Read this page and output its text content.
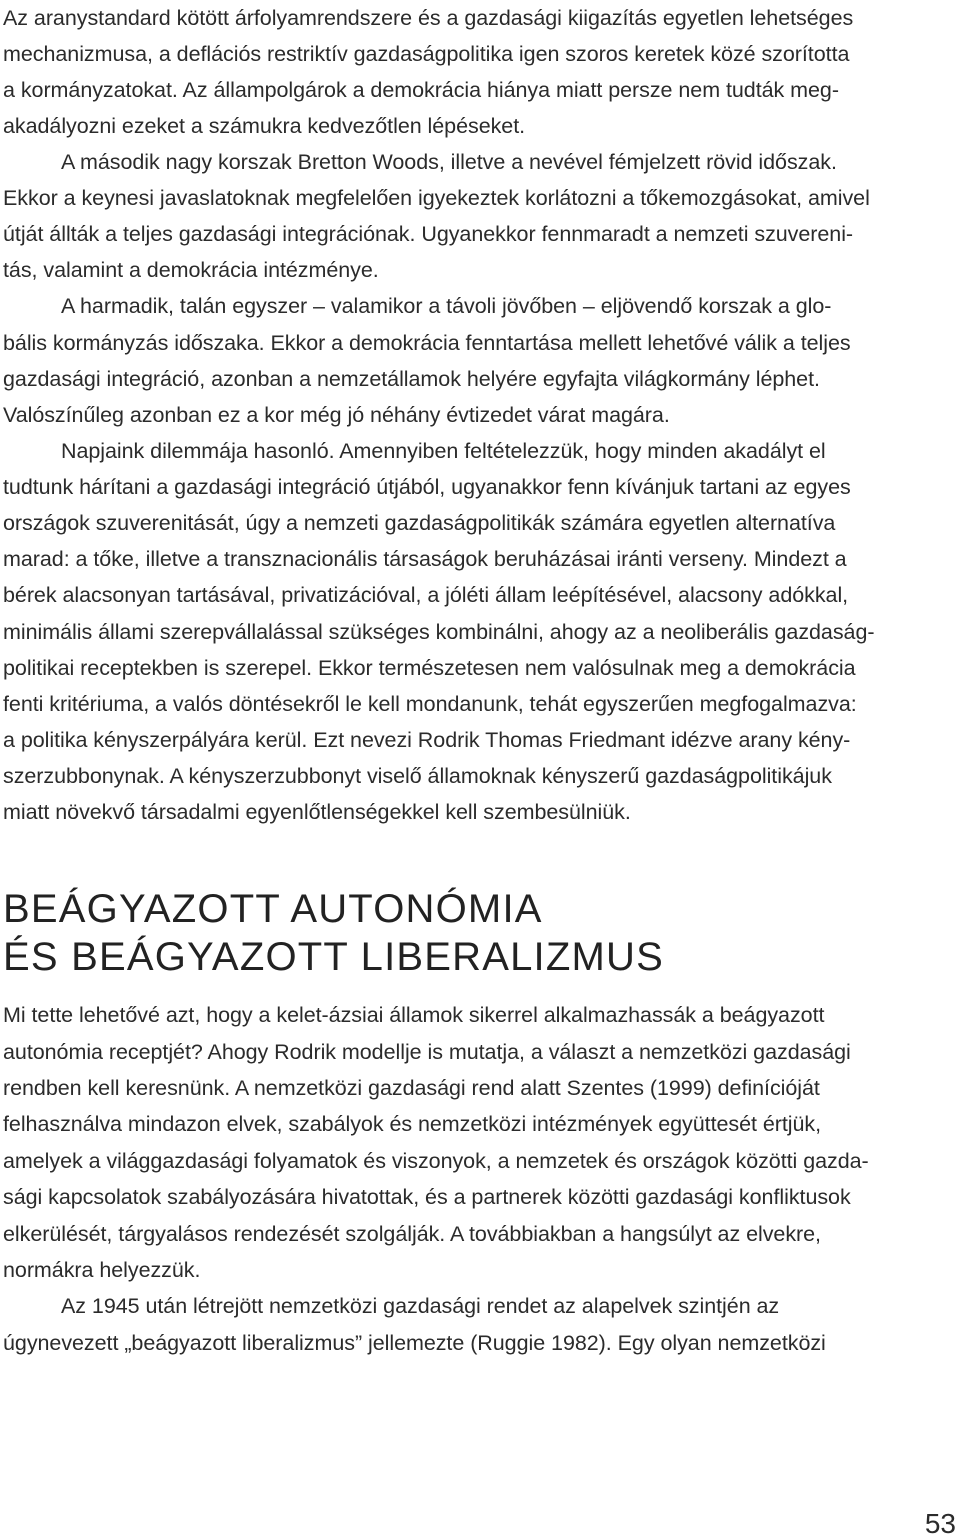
Az aranystandard kötött árfolyamrendszere és a gazdasági kiigazítás egyetlen lehetséges
mechanizmusa, a deflációs restriktív gazdaságpolitika igen szoros keretek közé szorította
a kormányzatokat. Az állampolgárok a demokrácia hiánya miatt persze nem tudták meg-
akadályozni ezeket a számukra kedvezőtlen lépéseket.
A második nagy korszak Bretton Woods, illetve a nevével fémjelzett rövid időszak.
Ekkor a keynesi javaslatoknak megfelelően igyekeztek korlátozni a tőkemozgásokat, amivel
útját állták a teljes gazdasági integrációnak. Ugyanekkor fennmaradt a nemzeti szuvereni-
tás, valamint a demokrácia intézménye.
A harmadik, talán egyszer – valamikor a távoli jövőben – eljövendő korszak a glo-
bális kormányzás időszaka. Ekkor a demokrácia fenntartása mellett lehetővé válik a teljes
gazdasági integráció, azonban a nemzetállamok helyére egyfajta világkormány léphet.
Valószínűleg azonban ez a kor még jó néhány évtizedet várat magára.
Napjaink dilemmája hasonló. Amennyiben feltételezzük, hogy minden akadályt el
tudtunk hárítani a gazdasági integráció útjából, ugyanakkor fenn kívánjuk tartani az egyes
országok szuverenitását, úgy a nemzeti gazdaságpolitikák számára egyetlen alternatíva
marad: a tőke, illetve a transznacionális társaságok beruházásai iránti verseny. Mindezt a
bérek alacsonyan tartásával, privatizációval, a jóléti állam leépítésével, alacsony adókkal,
minimális állami szerepvállalással szükséges kombinálni, ahogy az a neoliberális gazdaság-
politikai receptekben is szerepel. Ekkor természetesen nem valósulnak meg a demokrácia
fenti kritériuma, a valós döntésekről le kell mondanunk, tehát egyszerűen megfogalmazva:
a politika kényszerpályára kerül. Ezt nevezi Rodrik Thomas Friedmant idézve arany kény-
szerzubbonynak. A kényszerzubbonyt viselő államoknak kényszerű gazdaságpolitikájuk
miatt növekvő társadalmi egyenlőtlenségekkel kell szembesülniük.
BEÁGYAZOTT AUTONÓMIA
ÉS BEÁGYAZOTT LIBERALIZMUS
Mi tette lehetővé azt, hogy a kelet-ázsiai államok sikerrel alkalmazhassák a beágyazott
autonómia receptjét? Ahogy Rodrik modellje is mutatja, a választ a nemzetközi gazdasági
rendben kell keresnünk. A nemzetközi gazdasági rend alatt Szentes (1999) definícióját
felhasználva mindazon elvek, szabályok és nemzetközi intézmények együttesét értjük,
amelyek a világgazdasági folyamatok és viszonyok, a nemzetek és országok közötti gazda-
sági kapcsolatok szabályozására hivatottak, és a partnerek közötti gazdasági konfliktusok
elkerülését, tárgyalásos rendezését szolgálják. A továbbiakban a hangsúlyt az elvekre,
normákra helyezzük.
Az 1945 után létrejött nemzetközi gazdasági rendet az alapelvek szintjén az
úgynevezett „beágyazott liberalizmus” jellemezte (Ruggie 1982). Egy olyan nemzetközi
53
